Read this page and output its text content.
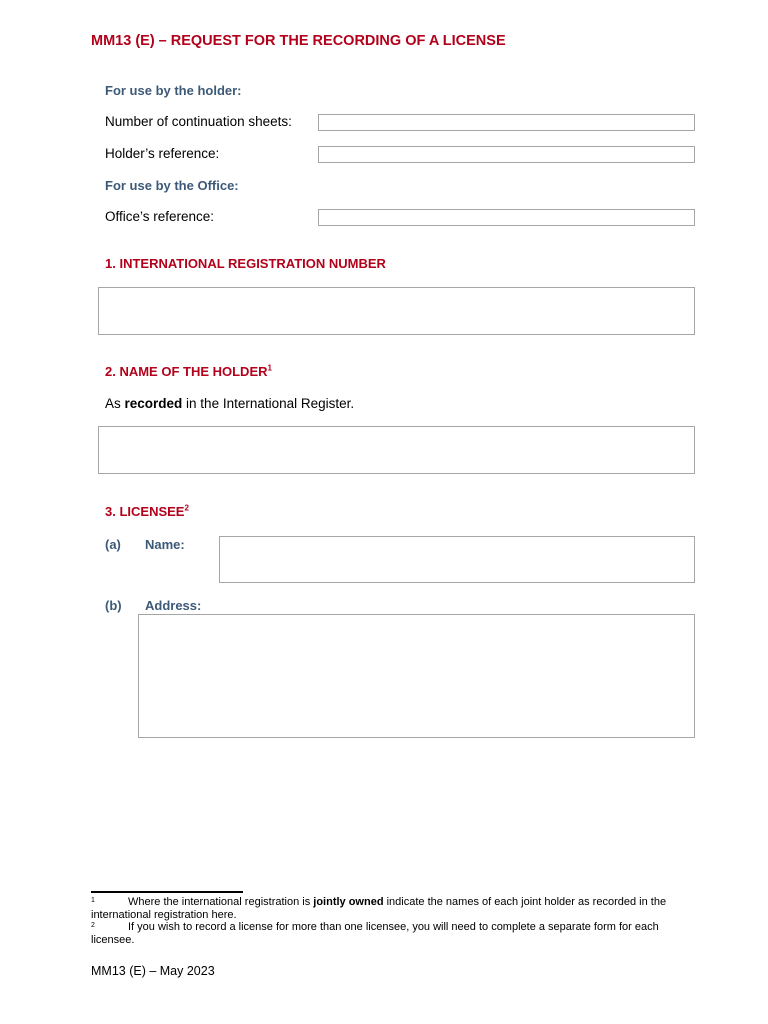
MM13 (E) – REQUEST FOR THE RECORDING OF A LICENSE
For use by the holder:
Number of continuation sheets:
Holder’s reference:
For use by the Office:
Office’s reference:
1. INTERNATIONAL REGISTRATION NUMBER
2. NAME OF THE HOLDER$^1$
As recorded in the International Register.
3. LICENSEE$^2$
(a) Name:
(b) Address:
1	Where the international registration is jointly owned indicate the names of each joint holder as recorded in the international registration here.
2	If you wish to record a license for more than one licensee, you will need to complete a separate form for each licensee.
MM13 (E) – May 2023
